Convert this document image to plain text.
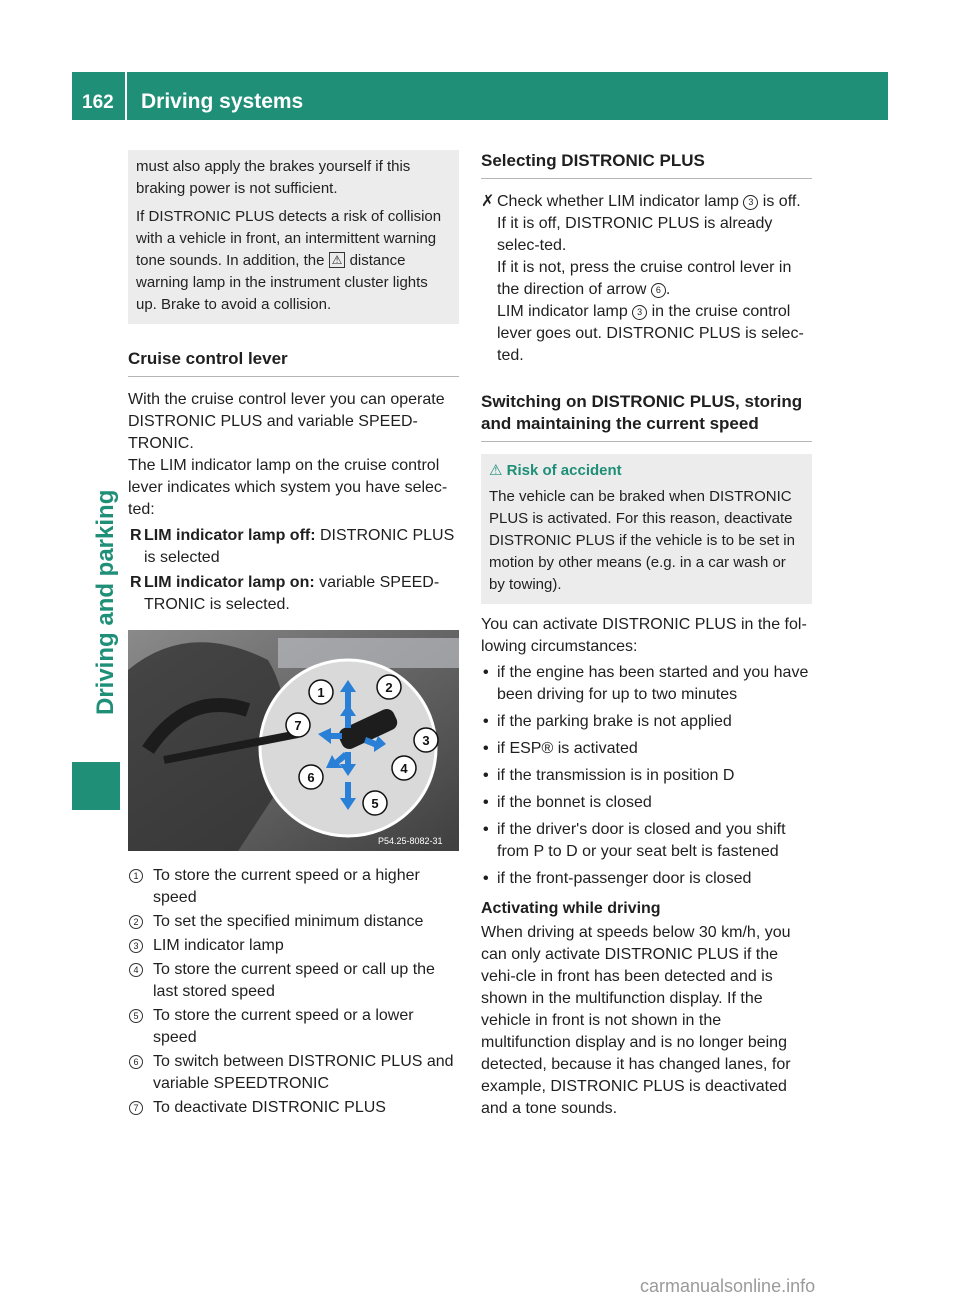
162 Driving systems
Driving and parking

must also apply the brakes yourself if this braking power is not sufficient.

If DISTRONIC PLUS detects a risk of collision with a vehicle in front, an intermittent warning tone sounds. In addition, the ⚠ distance warning lamp in the instrument cluster lights up. Brake to avoid a collision.

Cruise control lever

With the cruise control lever you can operate DISTRONIC PLUS and variable SPEED-TRONIC.

The LIM indicator lamp on the cruise control lever indicates which system you have selec-ted:

R LIM indicator lamp off: DISTRONIC PLUS is selected
R LIM indicator lamp on: variable SPEED-TRONIC is selected.
1	2
7
3
6
4
5
P54.25-8082-31
1 To store the current speed or a higher speed
2 To set the specified minimum distance
3 LIM indicator lamp
4 To store the current speed or call up the last stored speed
5 To store the current speed or a lower speed
6 To switch between DISTRONIC PLUS and variable SPEEDTRONIC
7 To deactivate DISTRONIC PLUS
Selecting DISTRONIC PLUS
✗ Check whether LIM indicator lamp 3 is off.

If it is off, DISTRONIC PLUS is already selec-ted.

If it is not, press the cruise control lever in the direction of arrow 6 .

LIM indicator lamp 3 in the cruise control lever goes out. DISTRONIC PLUS is selec-ted.

Switching on DISTRONIC PLUS, storing and maintaining the current speed

⚠ Risk of accident

The vehicle can be braked when DISTRONIC PLUS is activated. For this reason, deactivate DISTRONIC PLUS if the vehicle is to be set in motion by other means (e.g. in a car wash or by towing).

You can activate DISTRONIC PLUS in the fol-lowing circumstances:

• if the engine has been started and you have been driving for up to two minutes
• if the parking brake is not applied
• if ESP® is activated
• if the transmission is in position D
• if the bonnet is closed
• if the driver's door is closed and you shift from P to D or your seat belt is fastened
• if the front-passenger door is closed
Activating while driving

When driving at speeds below 30 km/h, you can only activate DISTRONIC PLUS if the vehi-cle in front has been detected and is shown in the multifunction display. If the vehicle in front is not shown in the multifunction display and is no longer being detected, because it has changed lanes, for example, DISTRONIC PLUS is deactivated and a tone sounds.

carmanualsonline.info
